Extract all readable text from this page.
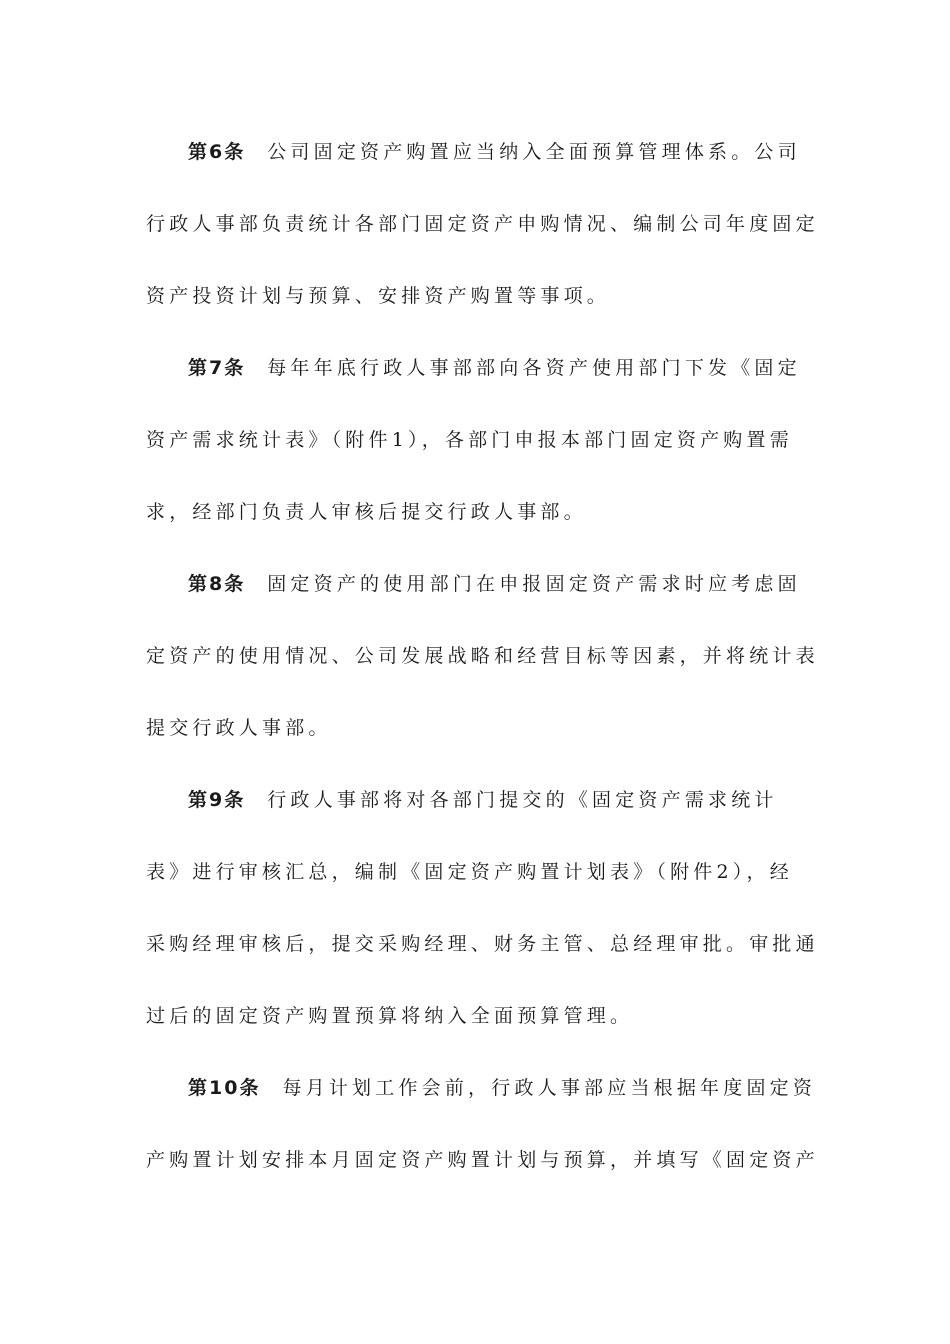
第6条 公司固定资产购置应当纳入全面预算管理体系。公司
行政人事部负责统计各部门固定资产申购情况、编制公司年度固定
资产投资计划与预算、安排资产购置等事项。
第7条 每年年底行政人事部部向各资产使用部门下发《固定
资产需求统计表》（附件1），各部门申报本部门固定资产购置需
求，经部门负责人审核后提交行政人事部。
第8条 固定资产的使用部门在申报固定资产需求时应考虑固
定资产的使用情况、公司发展战略和经营目标等因素，并将统计表
提交行政人事部。
第9条 行政人事部将对各部门提交的《固定资产需求统计
表》进行审核汇总，编制《固定资产购置计划表》（附件2），经
采购经理审核后，提交采购经理、财务主管、总经理审批。审批通
过后的固定资产购置预算将纳入全面预算管理。
第10条 每月计划工作会前，行政人事部应当根据年度固定资
产购置计划安排本月固定资产购置计划与预算，并填写《固定资产
